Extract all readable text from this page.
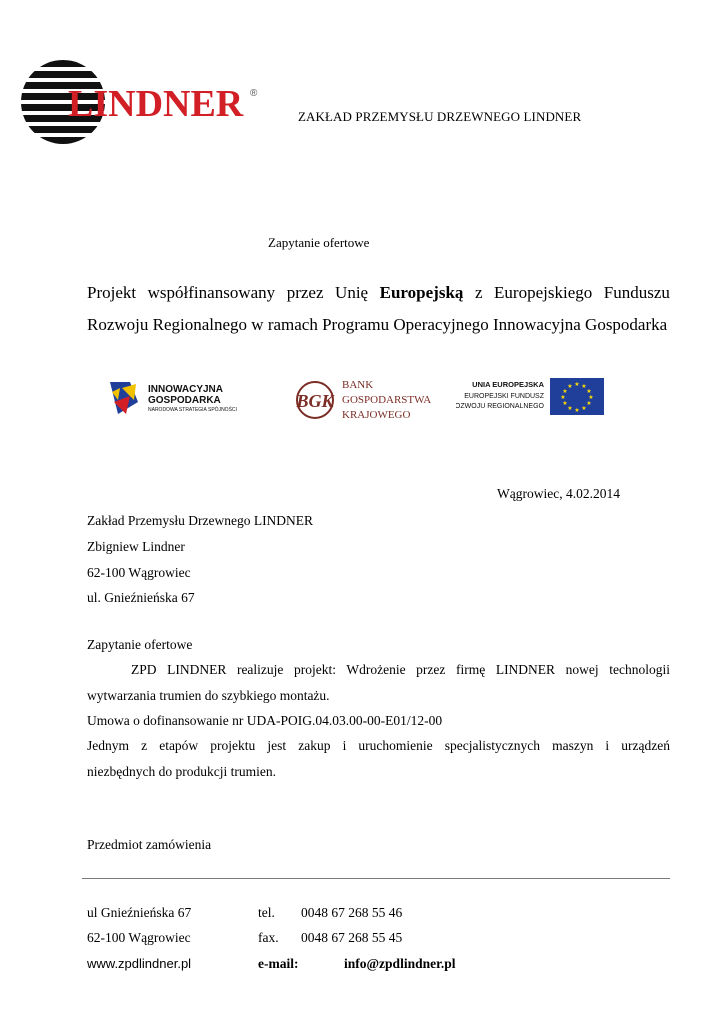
LINDNER ®
ZAKŁAD PRZEMYSŁU DRZEWNEGO LINDNER
Zapytanie ofertowe
Projekt współfinansowany przez Unię Europejską z Europejskiego Funduszu
Rozwoju Regionalnego w ramach Programu Operacyjnego Innowacyjna Gospodarka
INNOWACYJNA
GOSPODARKA
NARODOWA STRATEGIA SPÓJNOŚCI	BGK
BANK
GOSPODARSTWA
KRAJOWEGO
UNIA EUROPEJSKA
EUROPEJSKI FUNDUSZ
ROZWOJU REGIONALNEGO
★ ★
★
★
★
★
★
★
★
★
★
★
Wągrowiec, 4.02.2014
Zakład Przemysłu Drzewnego LINDNER
Zbigniew Lindner
62-100 Wągrowiec
ul. Gnieźnieńska 67
Zapytanie ofertowe
ZPD LINDNER realizuje projekt: Wdrożenie przez firmę LINDNER nowej technologii
wytwarzania trumien do szybkiego montażu.
Umowa o dofinansowanie nr UDA-POIG.04.03.00-00-E01/12-00
Jednym z etapów projektu jest zakup i uruchomienie specjalistycznych maszyn i urządzeń
niezbędnych do produkcji trumien.
Przedmiot zamówienia
ul Gnieźnieńska 67
62-100 Wągrowiec
www.zpdlindner.pl
tel. 0048 67 268 55 46
fax. 0048 67 268 55 45
e-mail:	info@zpdlindner.pl
